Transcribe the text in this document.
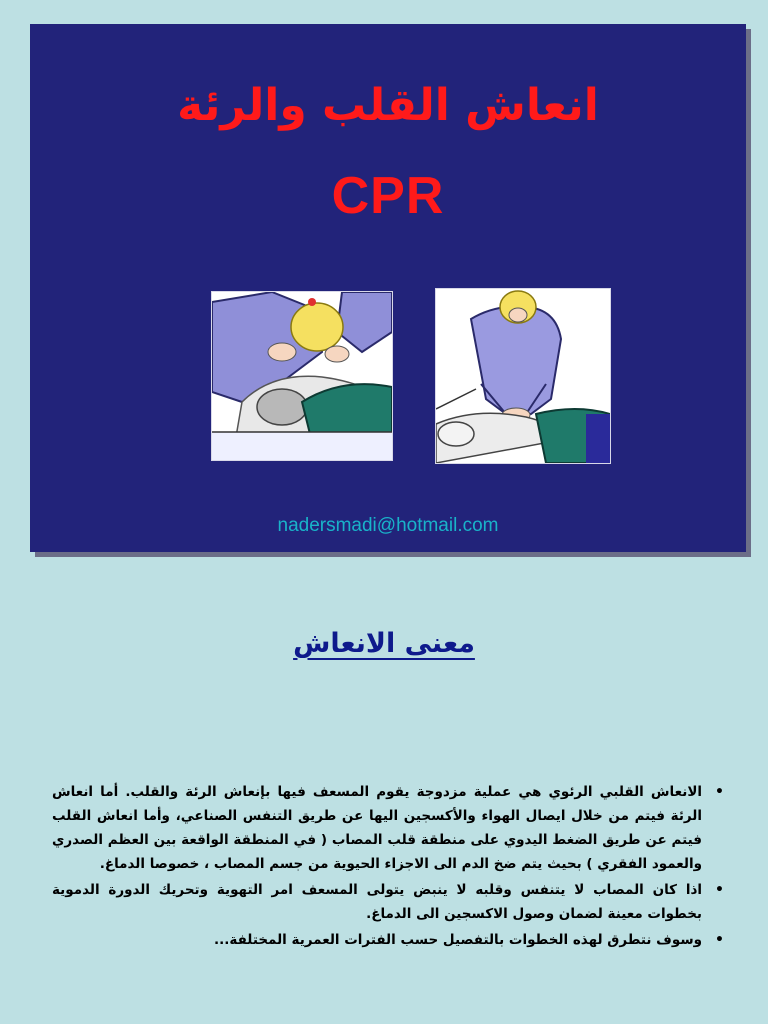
انعاش القلب والرئة
CPR
nadersmadi@hotmail.com
معنى الانعاش
•
الانعاش القلبي الرئوي هي عملية مزدوجة يقوم المسعف فيها بإنعاش الرئة والقلب. أما انعاش الرئة فيتم من خلال ايصال الهواء والأكسجين اليها عن طريق التنفس الصناعي، وأما انعاش القلب فيتم عن طريق الضغط اليدوي على منطقة قلب المصاب ( في المنطقة الواقعة بين العظم الصدري والعمود الفقري ) بحيث يتم ضخ الدم الى الاجزاء الحيوية من جسم المصاب ، خصوصا الدماغ.
•
اذا كان المصاب لا يتنفس وقلبه لا ينبض يتولى المسعف امر التهوية وتحريك الدورة الدموية بخطوات معينة لضمان وصول الاكسجين الى الدماغ.
•
وسوف نتطرق لهذه الخطوات بالتفصيل حسب الفترات العمرية المختلفة...
